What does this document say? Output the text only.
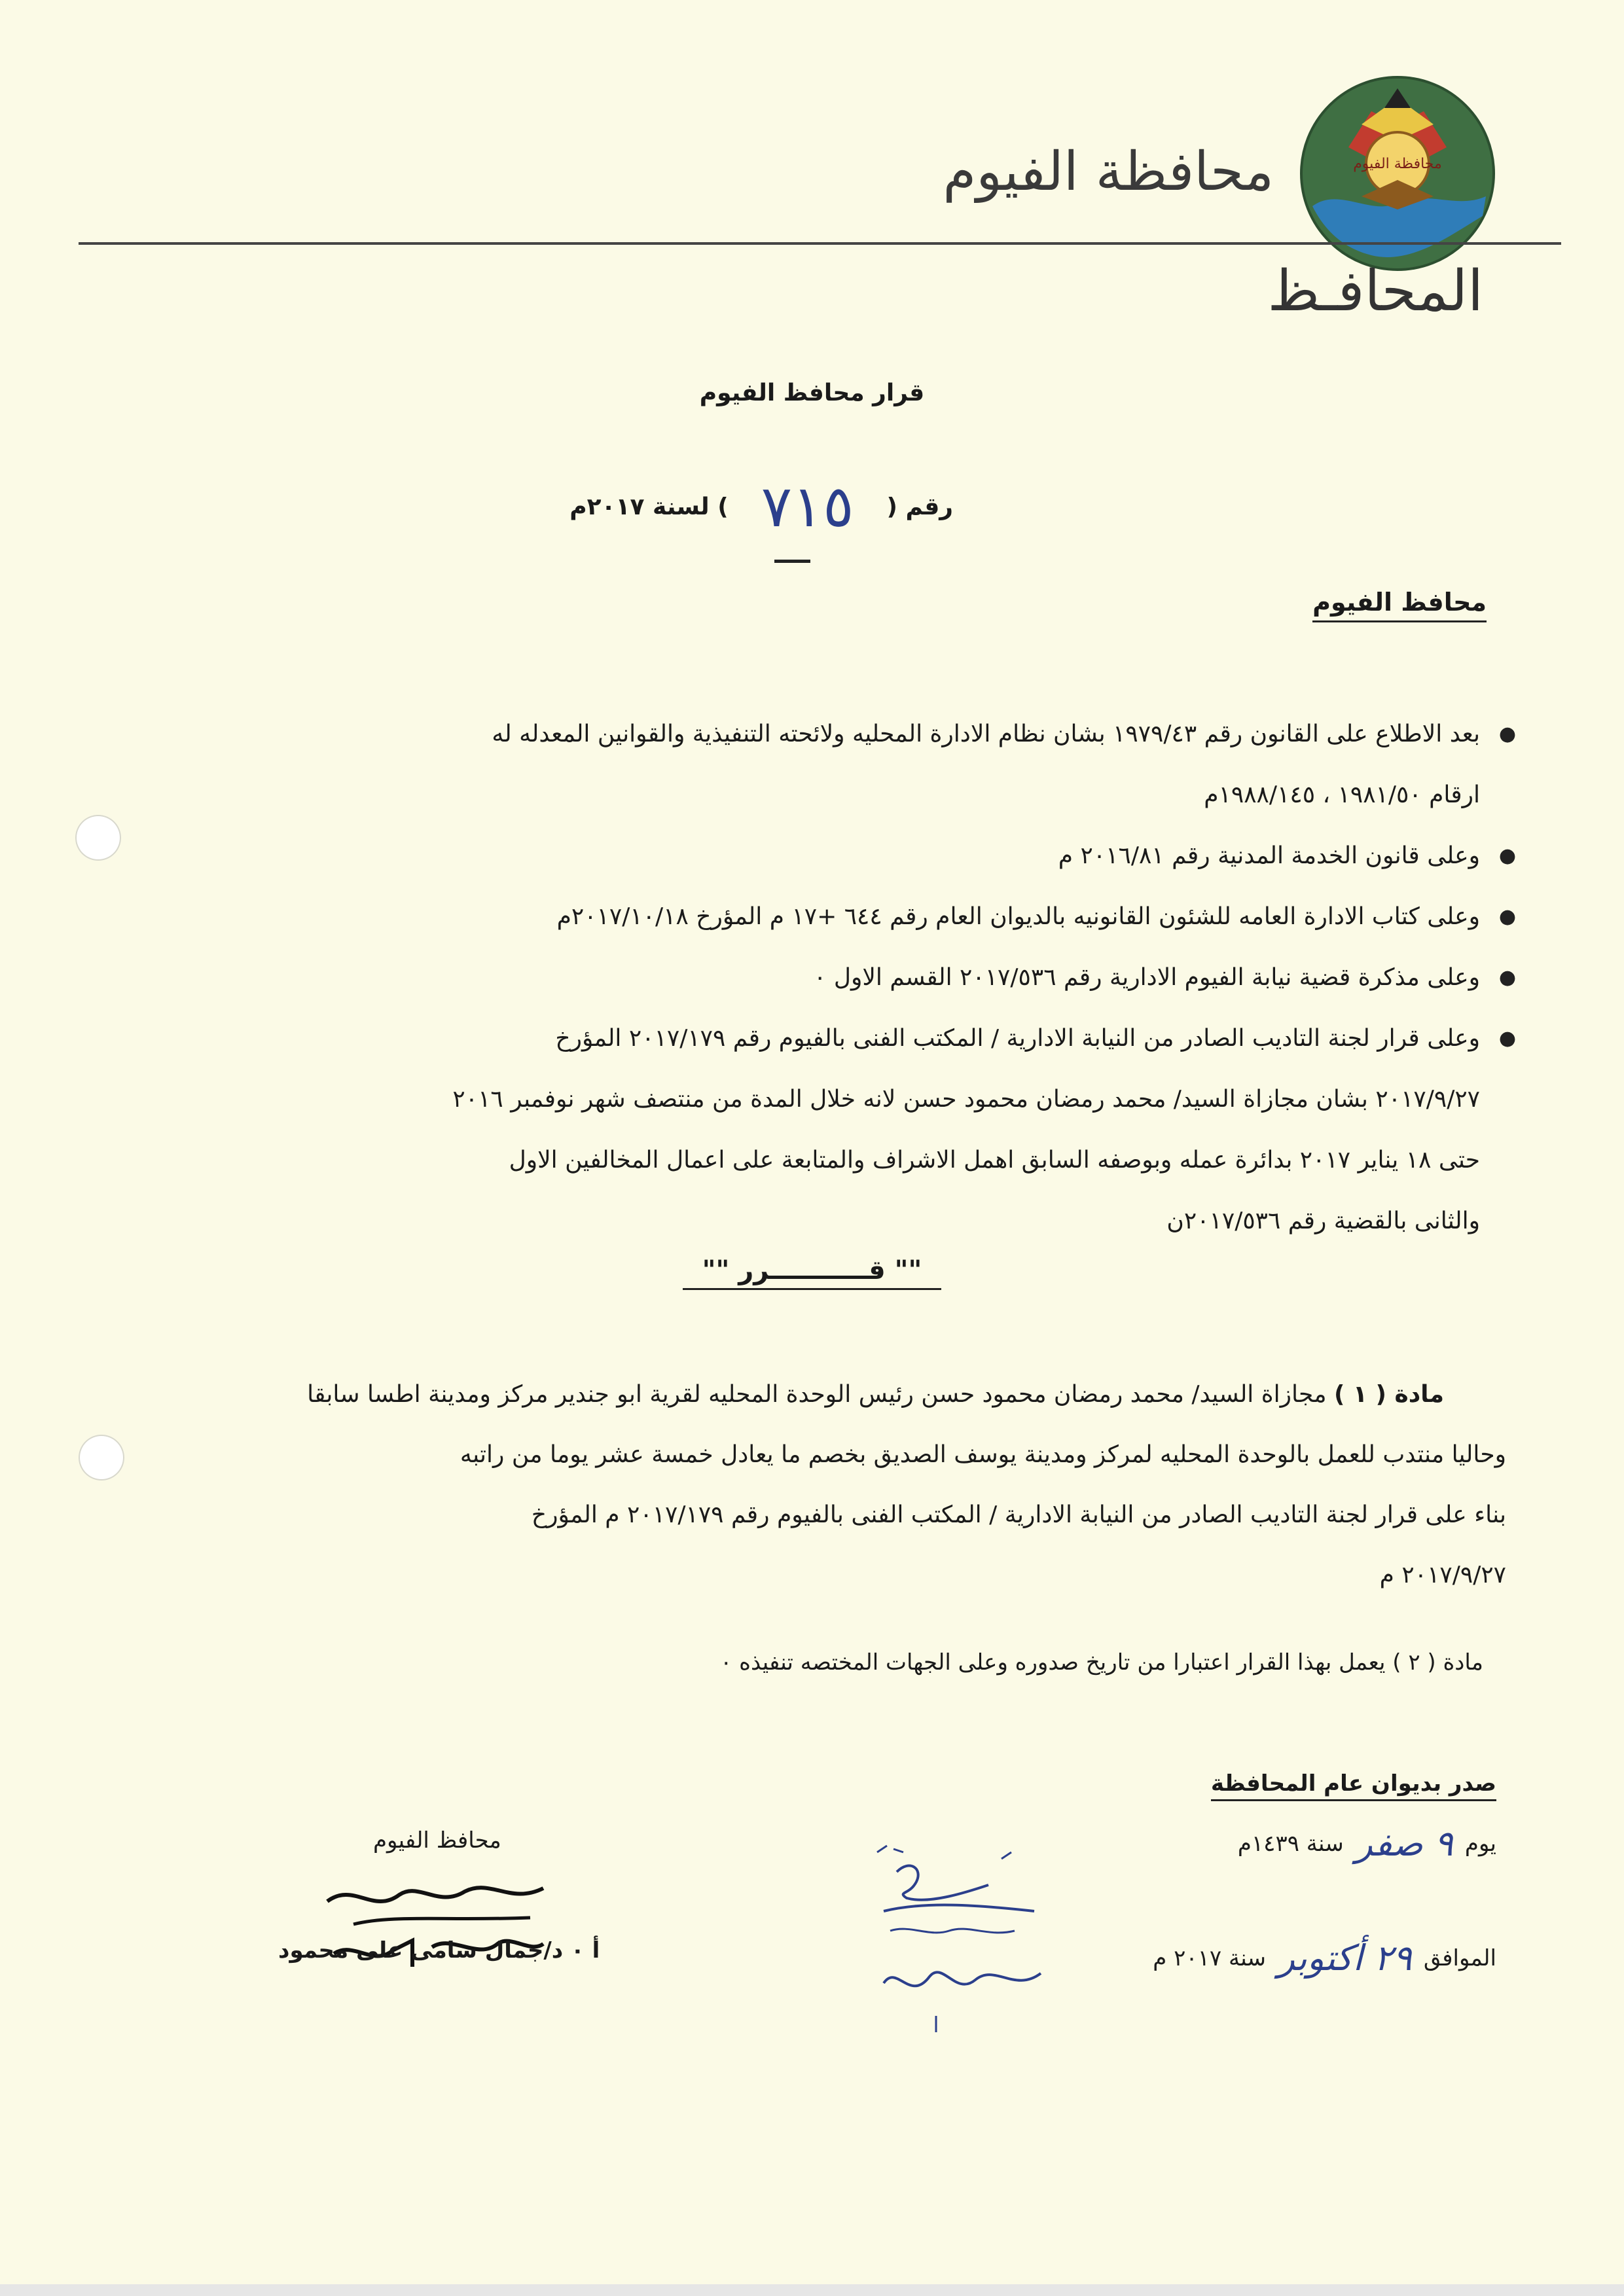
محافظة الفيوم
محافظة الفيوم
المحافـظ
قرار محافظ الفيوم
رقم (
٧١٥
) لسنة ٢٠١٧م
محافظ الفيوم
●
بعد الاطلاع على القانون رقم ١٩٧٩/٤٣ بشان نظام الادارة المحليه ولائحته التنفيذية والقوانين المعدله له
ارقام ١٩٨١/٥٠ ، ١٩٨٨/١٤٥م
●
وعلى قانون الخدمة المدنية رقم ٢٠١٦/٨١ م
●
وعلى كتاب الادارة العامه للشئون القانونيه بالديوان العام رقم ٦٤٤ +١٧ م المؤرخ ٢٠١٧/١٠/١٨م
●
وعلى مذكرة قضية نيابة الفيوم الادارية رقم ٢٠١٧/٥٣٦ القسم الاول ٠
●
وعلى قرار لجنة التاديب الصادر من النيابة الادارية / المكتب الفنى بالفيوم رقم ٢٠١٧/١٧٩ المؤرخ
٢٠١٧/٩/٢٧ بشان مجازاة السيد/ محمد رمضان محمود حسن لانه خلال المدة من منتصف شهر نوفمبر ٢٠١٦
حتى ١٨ يناير ٢٠١٧ بدائرة عمله وبوصفه السابق اهمل الاشراف والمتابعة على اعمال المخالفين الاول
والثانى بالقضية رقم ٢٠١٧/٥٣٦ن
"" قـــــــــــرر ""
مادة ( ١ ) مجازاة السيد/ محمد رمضان محمود حسن رئيس الوحدة المحليه لقرية ابو جندير مركز ومدينة اطسا سابقا
وحاليا منتدب للعمل بالوحدة المحليه لمركز ومدينة يوسف الصديق بخصم ما يعادل خمسة عشر يوما من راتبه
بناء على قرار لجنة التاديب الصادر من النيابة الادارية / المكتب الفنى بالفيوم رقم ٢٠١٧/١٧٩ م المؤرخ
٢٠١٧/٩/٢٧ م
مادة ( ٢ ) يعمل بهذا القرار اعتبارا من تاريخ صدوره وعلى الجهات المختصه تنفيذه ٠
صدر بديوان عام المحافظة
يوم
٩ صفر
سنة ١٤٣٩م
الموافق
٢٩ أكتوبر
سنة ٢٠١٧ م
محافظ الفيوم
أ ٠ د/جمال سامى على محمود
